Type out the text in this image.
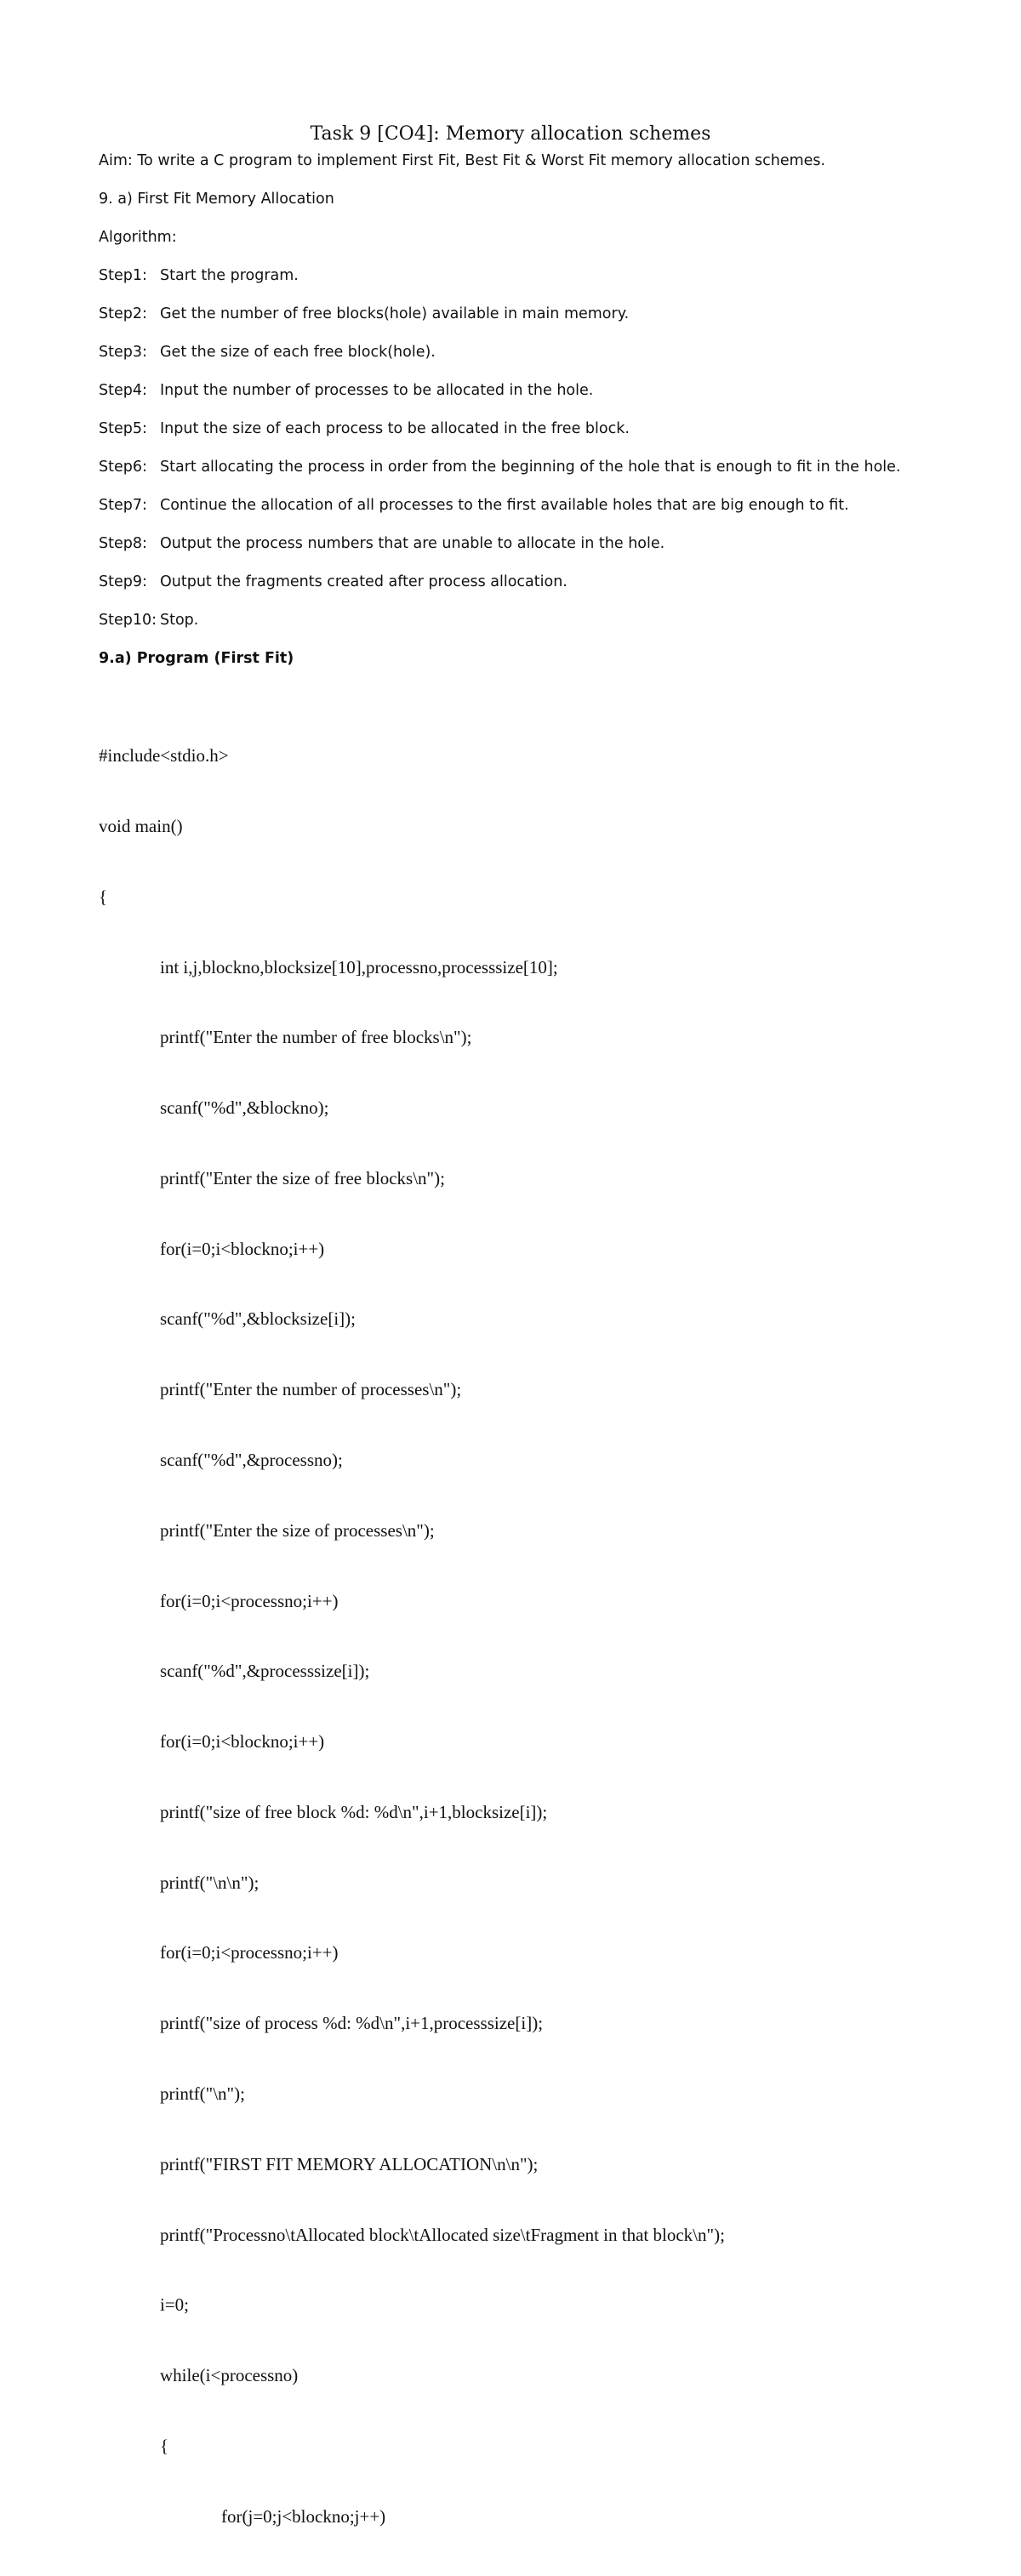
Task 9 [CO4]: Memory allocation schemes
Aim: To write a C program to implement First Fit, Best Fit & Worst Fit memory allocation schemes.
9. a) First Fit Memory Allocation
Algorithm:
Step1: Start the program.
Step2: Get the number of free blocks(hole) available in main memory.
Step3: Get the size of each free block(hole).
Step4: Input the number of processes to be allocated in the hole.
Step5: Input the size of each process to be allocated in the free block.
Step6: Start allocating the process in order from the beginning of the hole that is enough to fit in the hole.
Step7: Continue the allocation of all processes to the first available holes that are big enough to fit.
Step8: Output the process numbers that are unable to allocate in the hole.
Step9: Output the fragments created after process allocation.
Step10: Stop.
9.a) Program (First Fit)

#include<stdio.h>

void main()

{

int i,j,blockno,blocksize[10],processno,processsize[10];

printf("Enter the number of free blocks\n");

scanf("%d",&blockno);

printf("Enter the size of free blocks\n");

for(i=0;i<blockno;i++)

scanf("%d",&blocksize[i]);

printf("Enter the number of processes\n");

scanf("%d",&processno);

printf("Enter the size of processes\n");

for(i=0;i<processno;i++)

scanf("%d",&processsize[i]);

for(i=0;i<blockno;i++)

printf("size of free block %d: %d\n",i+1,blocksize[i]);

printf("\n\n");

for(i=0;i<processno;i++)

printf("size of process %d: %d\n",i+1,processsize[i]);

printf("\n");

printf("FIRST FIT MEMORY ALLOCATION\n\n");

printf("Processno\tAllocated block\tAllocated size\tFragment in that block\n");

i=0;

while(i<processno)

{

for(j=0;j<blockno;j++)
